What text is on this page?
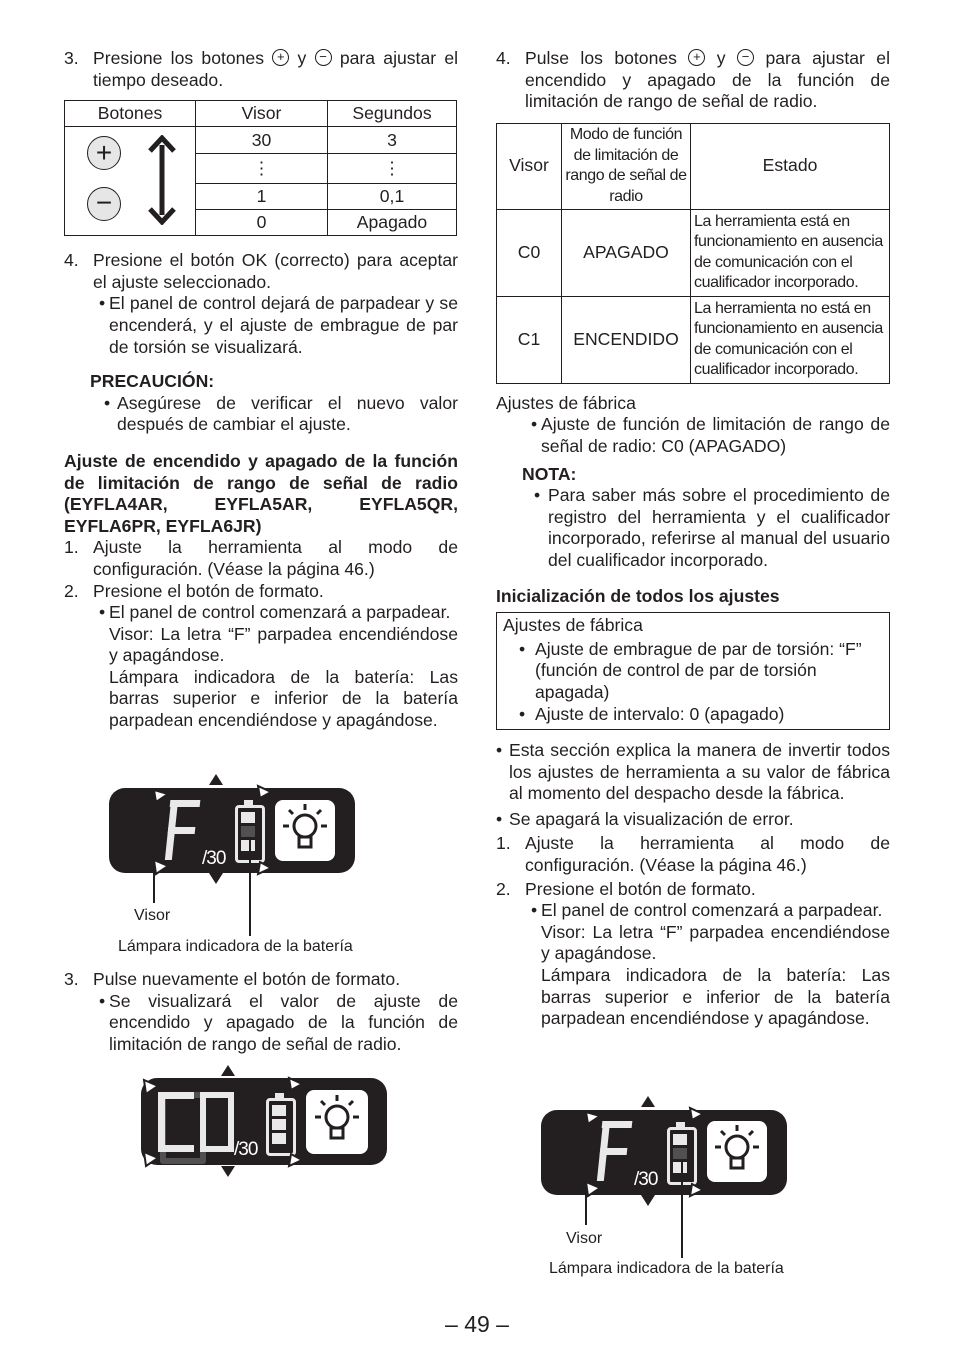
3. Presione los botones + y − para ajustar el tiempo deseado.
Botones	Visor	Segundos

+
−	30	3
	⋮	⋮
	1	0,1
	0	Apagado
4. Presione el botón OK (correcto) para aceptar el ajuste seleccionado.
• El panel de control dejará de parpadear y se encenderá, y el ajuste de embrague de par de torsión se visualizará.

PRECAUCIÓN:

• Asegúrese de verificar el nuevo valor después de cambiar el ajuste.

Ajuste de encendido y apagado de la función de limitación de rango de señal de radio (EYFLA4AR, EYFLA5AR, EYFLA5QR, EYFLA6PR, EYFLA6JR)

1. Ajuste la herramienta al modo de configuración. (Véase la página 46.)
2. Presione el botón de formato.
• El panel de control comenzará a parpadear.
Visor: La letra “F” parpadea encendiéndose y apagándose.
Lámpara indicadora de la batería: Las barras superior e inferior de la batería parpadean encendiéndose y apagándose.
/30
Visor
Lámpara indicadora de la batería
3. Pulse nuevamente el botón de formato.
• Se visualizará el valor de ajuste de encendido y apagado de la función de limitación de rango de señal de radio.
/30
4. Pulse los botones + y − para ajustar el encendido y apagado de la función de limitación de rango de señal de radio.
Visor	Modo de función de limitación de rango de señal de radio	Estado
C0	APAGADO	La herramienta está en funcionamiento en ausencia de comunicación con el cualificador incorporado.
C1	ENCENDIDO	La herramienta no está en funcionamiento en ausencia de comunicación con el cualificador incorporado.

Ajustes de fábrica

• Ajuste de función de limitación de rango de señal de radio: C0 (APAGADO)

NOTA:

• Para saber más sobre el procedimiento de registro del herramienta y el cualificador incorporado, referirse al manual del usuario del cualificador incorporado.

Inicialización de todos los ajustes

Ajustes de fábrica

• Ajuste de embrague de par de torsión: “F” (función de control de par de torsión apagada)
• Ajuste de intervalo: 0 (apagado)
• Esta sección explica la manera de invertir todos los ajustes de herramienta a su valor de fábrica al momento del despacho desde la fábrica.
• Se apagará la visualización de error.
1. Ajuste la herramienta al modo de configuración. (Véase la página 46.)
2. Presione el botón de formato.
• El panel de control comenzará a parpadear.
Visor: La letra “F” parpadea encendiéndose y apagándose.
Lámpara indicadora de la batería: Las barras superior e inferior de la batería parpadean encendiéndose y apagándose.
/30
Visor
Lámpara indicadora de la batería
– 49 –
